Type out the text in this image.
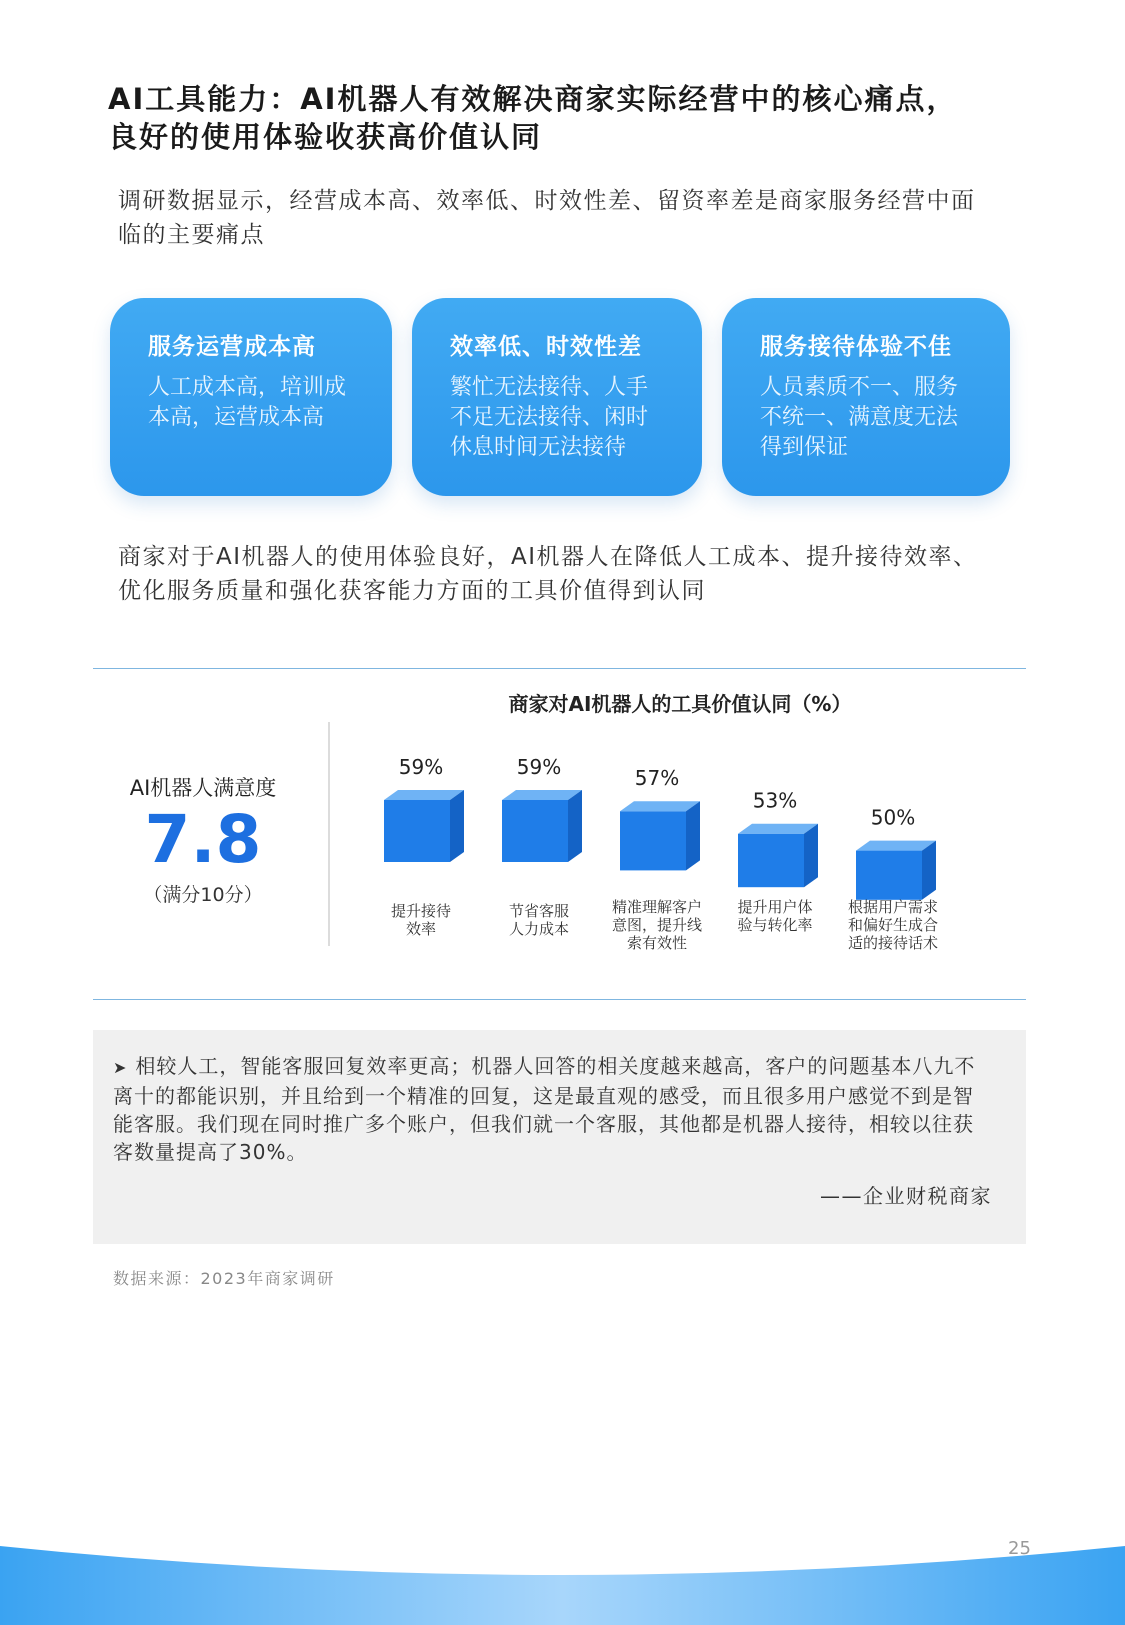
AI工具能力：AI机器人有效解决商家实际经营中的核心痛点，良好的使用体验收获高价值认同

调研数据显示，经营成本高、效率低、时效性差、留资率差是商家服务经营中面临的主要痛点

服务运营成本高

人工成本高，培训成本高，运营成本高

效率低、时效性差

繁忙无法接待、人手不足无法接待、闲时休息时间无法接待

服务接待体验不佳

人员素质不一、服务不统一、满意度无法得到保证

商家对于AI机器人的使用体验良好，AI机器人在降低人工成本、提升接待效率、优化服务质量和强化获客能力方面的工具价值得到认同

商家对AI机器人的工具价值认同（%）
AI机器人满意度
7.8
（满分10分）
59%
提升接待
效率
59%
节省客服
人力成本
57%
精准理解客户
意图，提升线
索有效性
53%
提升用户体
验与转化率
50%
根据用户需求
和偏好生成合
适的接待话术

➤ 相较人工，智能客服回复效率更高；机器人回答的相关度越来越高，客户的问题基本八九不离十的都能识别，并且给到一个精准的回复，这是最直观的感受，而且很多用户感觉不到是智能客服。我们现在同时推广多个账户，但我们就一个客服，其他都是机器人接待，相较以往获客数量提高了30%。

——企业财税商家
数据来源：2023年商家调研
25
